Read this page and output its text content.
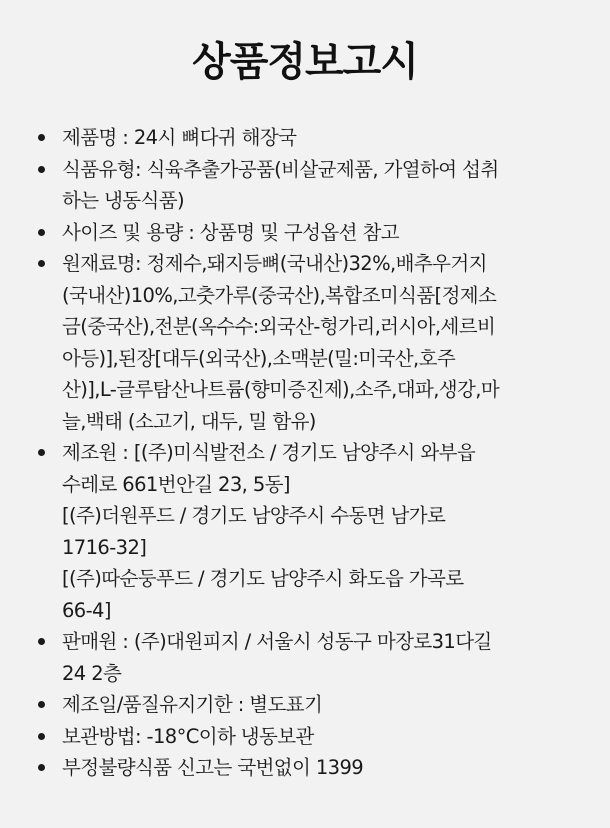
상품정보고시
제품명 : 24시 뼈다귀 해장국
식품유형: 식육추출가공품(비살균제품, 가열하여 섭취
하는 냉동식품)
사이즈 및 용량 : 상품명 및 구성옵션 참고
원재료명: 정제수,돼지등뼈(국내산)32%,배추우거지
(국내산)10%,고춧가루(중국산),복합조미식품[정제소
금(중국산),전분(옥수수:외국산-헝가리,러시아,세르비
아등)],된장[대두(외국산),소맥분(밀:미국산,호주
산)],L-글루탐산나트륨(향미증진제),소주,대파,생강,마
늘,백태 (소고기, 대두, 밀 함유)
제조원 : [(주)미식발전소 / 경기도 남양주시 와부읍
수레로 661번안길 23, 5동]
[(주)더원푸드 / 경기도 남양주시 수동면 남가로
1716-32]
[(주)따순둥푸드 / 경기도 남양주시 화도읍 가곡로
66-4]
판매원 : (주)대원피지 / 서울시 성동구 마장로31다길
24 2층
제조일/품질유지기한 : 별도표기
보관방법: -18°C이하 냉동보관
부정불량식품 신고는 국번없이 1399
